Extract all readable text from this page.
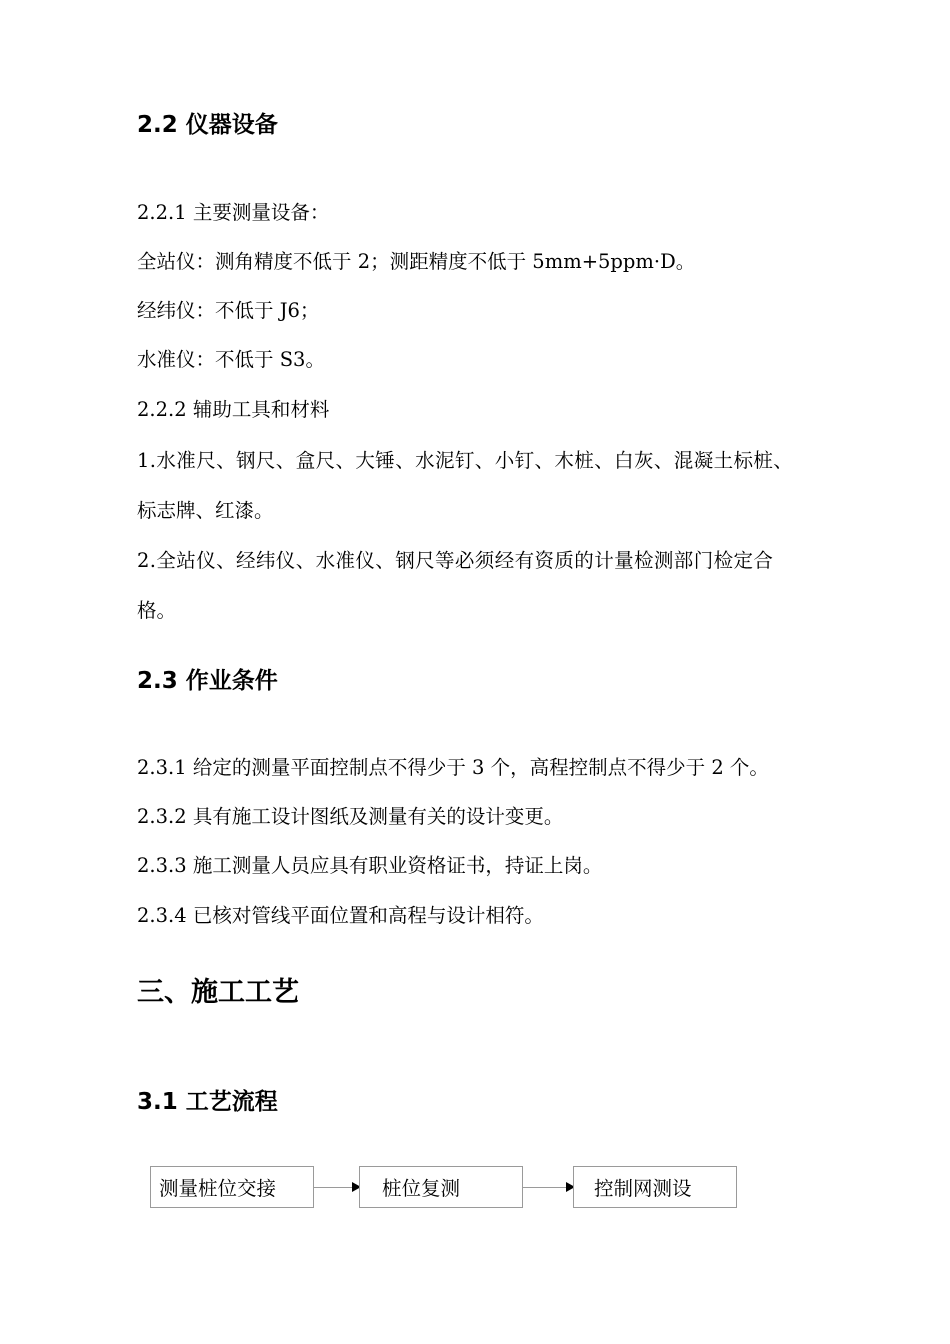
2.2 仪器设备
2.2.1 主要测量设备：
全站仪：测角精度不低于 2；测距精度不低于 5mm+5ppm·D。
经纬仪：不低于 J6；
水准仪：不低于 S3。
2.2.2 辅助工具和材料
1.水准尺、钢尺、盒尺、大锤、水泥钉、小钉、木桩、白灰、混凝土标桩、
标志牌、红漆。
2.全站仪、经纬仪、水准仪、钢尺等必须经有资质的计量检测部门检定合
格。
2.3 作业条件
2.3.1 给定的测量平面控制点不得少于 3 个，高程控制点不得少于 2 个。
2.3.2 具有施工设计图纸及测量有关的设计变更。
2.3.3 施工测量人员应具有职业资格证书，持证上岗。
2.3.4 已核对管线平面位置和高程与设计相符。
三、施工工艺
3.1 工艺流程
测量桩位交接	桩位复测	控制网测设
